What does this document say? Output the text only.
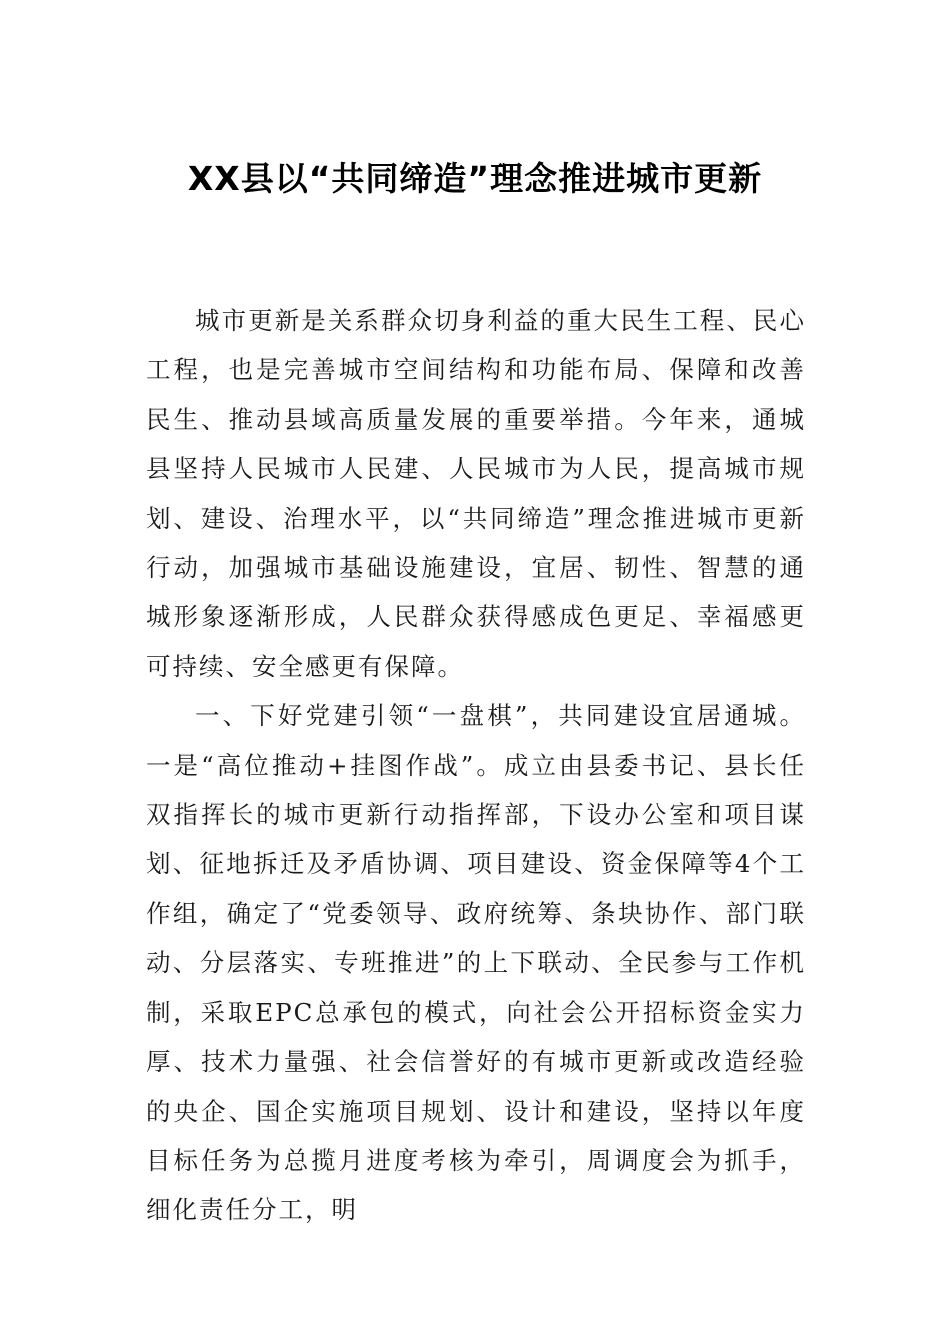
XX县以“共同缔造”理念推进城市更新

城市更新是关系群众切身利益的重大民生工程、民心工程，也是完善城市空间结构和功能布局、保障和改善民生、推动县域高质量发展的重要举措。今年来，通城县坚持人民城市人民建、人民城市为人民，提高城市规划、建设、治理水平，以“共同缔造”理念推进城市更新行动，加强城市基础设施建设，宜居、韧性、智慧的通城形象逐渐形成，人民群众获得感成色更足、幸福感更可持续、安全感更有保障。

一、下好党建引领“一盘棋”，共同建设宜居通城。一是“高位推动+挂图作战”。成立由县委书记、县长任双指挥长的城市更新行动指挥部，下设办公室和项目谋划、征地拆迁及矛盾协调、项目建设、资金保障等4个工作组，确定了“党委领导、政府统筹、条块协作、部门联动、分层落实、专班推进”的上下联动、全民参与工作机制，采取EPC总承包的模式，向社会公开招标资金实力厚、技术力量强、社会信誉好的有城市更新或改造经验的央企、国企实施项目规划、设计和建设，坚持以年度目标任务为总揽月进度考核为牵引，周调度会为抓手，细化责任分工，明
